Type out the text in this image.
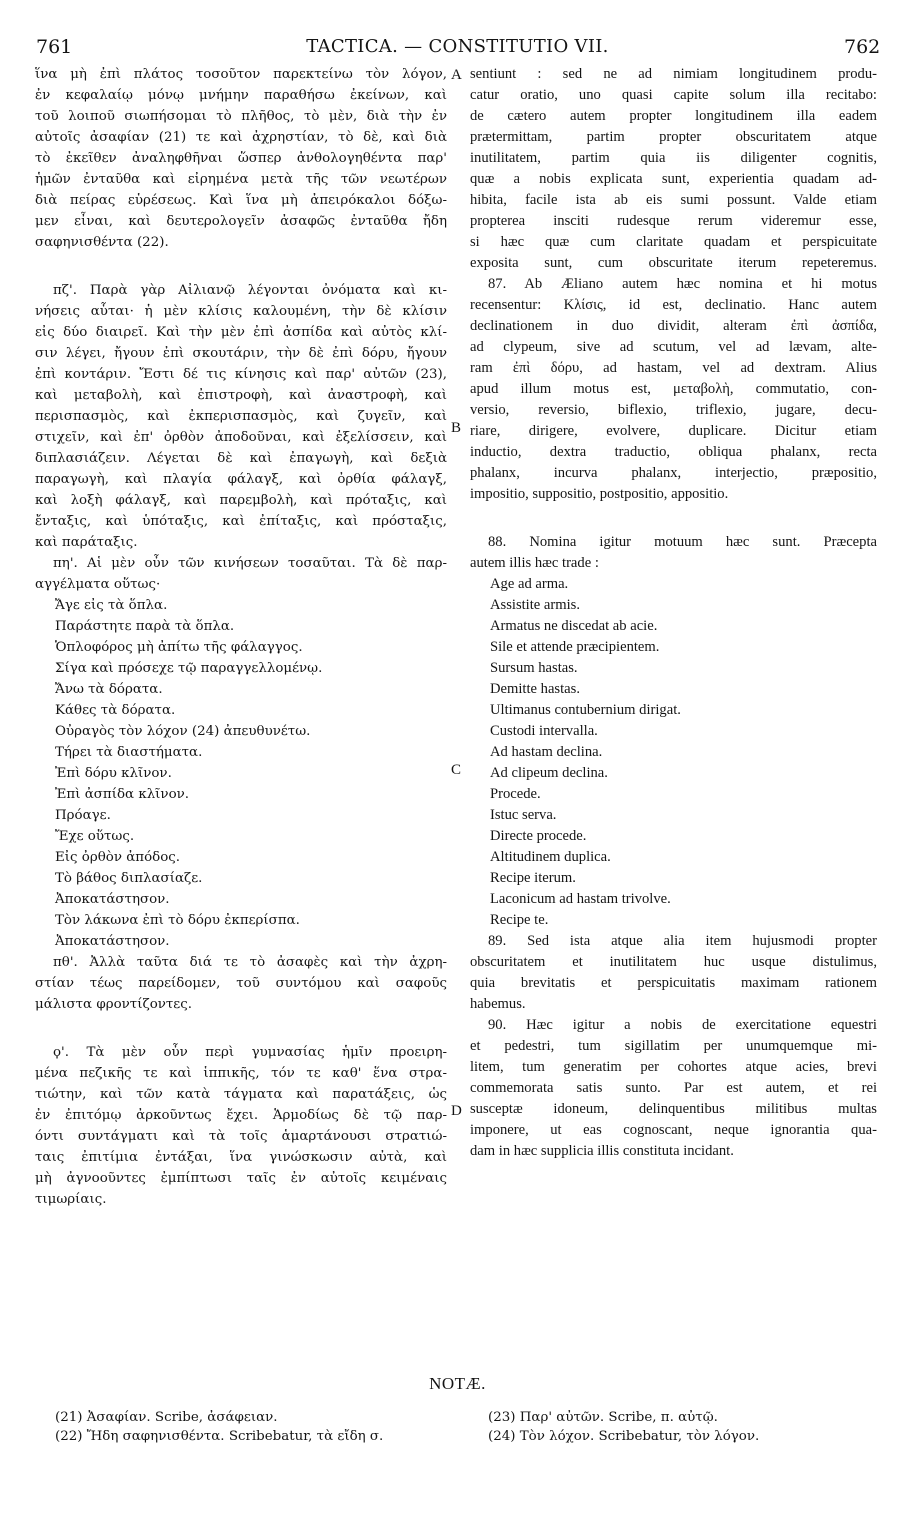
761	TACTICA. — CONSTITUTIO VII.	762
ἵνα μὴ ἐπὶ πλάτος τοσοῦτον παρεκτείνω τὸν λόγον,
ἐν κεφαλαίῳ μόνῳ μνήμην παραθήσω ἐκείνων, καὶ
τοῦ λοιποῦ σιωπήσομαι τὸ πλῆθος, τὸ μὲν, διὰ τὴν ἐν
αὐτοῖς ἀσαφίαν (21) τε καὶ ἀχρηστίαν, τὸ δὲ, καὶ διὰ
τὸ ἐκεῖθεν ἀναληφθῆναι ὥσπερ ἀνθολογηθέντα παρ'
ἡμῶν ἐνταῦθα καὶ εἰρημένα μετὰ τῆς τῶν νεωτέρων
διὰ πείρας εὑρέσεως. Καὶ ἵνα μὴ ἀπειρόκαλοι δόξω-
μεν εἶναι, καὶ δευτερολογεῖν ἀσαφῶς ἐνταῦθα ἤδη
σαφηνισθέντα (22).
πζ'. Παρὰ γὰρ Αἰλιανῷ λέγονται ὀνόματα καὶ κι-
νήσεις αὗται· ἡ μὲν κλίσις καλουμένη, τὴν δὲ κλίσιν
εἰς δύο διαιρεῖ. Καὶ τὴν μὲν ἐπὶ ἀσπίδα καὶ αὐτὸς κλί-
σιν λέγει, ἤγουν ἐπὶ σκουτάριν, τὴν δὲ ἐπὶ δόρυ, ἤγουν
ἐπὶ κοντάριν. Ἔστι δέ τις κίνησις καὶ παρ' αὐτῶν (23),
καὶ μεταβολὴ, καὶ ἐπιστροφὴ, καὶ ἀναστροφὴ, καὶ
περισπασμὸς, καὶ ἐκπερισπασμὸς, καὶ ζυγεῖν, καὶ
στιχεῖν, καὶ ἐπ' ὀρθὸν ἀποδοῦναι, καὶ ἐξελίσσειν, καὶ
διπλασιάζειν. Λέγεται δὲ καὶ ἐπαγωγὴ, καὶ δεξιὰ
παραγωγὴ, καὶ πλαγία φάλαγξ, καὶ ὀρθία φάλαγξ,
καὶ λοξὴ φάλαγξ, καὶ παρεμβολὴ, καὶ πρόταξις, καὶ
ἔνταξις, καὶ ὑπόταξις, καὶ ἐπίταξις, καὶ πρόσταξις,
καὶ παράταξις.
πη'. Αἱ μὲν οὖν τῶν κινήσεων τοσαῦται. Τὰ δὲ παρ-
αγγέλματα οὕτως·
Ἄγε εἰς τὰ ὅπλα.
Παράστητε παρὰ τὰ ὅπλα.
Ὁπλοφόρος μὴ ἀπίτω τῆς φάλαγγος.
Σίγα καὶ πρόσεχε τῷ παραγγελλομένῳ.
Ἄνω τὰ δόρατα.
Κάθες τὰ δόρατα.
Οὐραγὸς τὸν λόχον (24) ἀπευθυνέτω.
Τήρει τὰ διαστήματα.
Ἐπὶ δόρυ κλῖνον.
Ἐπὶ ἀσπίδα κλῖνον.
Πρόαγε.
Ἔχε οὕτως.
Εἰς ὀρθὸν ἀπόδος.
Τὸ βάθος διπλασίαζε.
Ἀποκατάστησον.
Τὸν λάκωνα ἐπὶ τὸ δόρυ ἐκπερίσπα.
Ἀποκατάστησον.
πθ'. Ἀλλὰ ταῦτα διά τε τὸ ἀσαφὲς καὶ τὴν ἀχρη-
στίαν τέως παρείδομεν, τοῦ συντόμου καὶ σαφοῦς
μάλιστα φροντίζοντες.
ϙ'. Τὰ μὲν οὖν περὶ γυμνασίας ἡμῖν προειρη-
μένα πεζικῆς τε καὶ ἱππικῆς, τόν τε καθ' ἕνα στρα-
τιώτην, καὶ τῶν κατὰ τάγματα καὶ παρατάξεις, ὡς
ἐν ἐπιτόμῳ ἀρκοῦντως ἔχει. Ἁρμοδίως δὲ τῷ παρ-
όντι συντάγματι καὶ τὰ τοῖς ἁμαρτάνουσι στρατιώ-
ταις ἐπιτίμια ἐντάξαι, ἵνα γινώσκωσιν αὐτὰ, καὶ
μὴ ἀγνοοῦντες ἐμπίπτωσι ταῖς ἐν αὐτοῖς κειμέναις
τιμωρίαις.
sentiunt : sed ne ad nimiam longitudinem produ-
catur oratio, uno quasi capite solum illa recitabo:
de cætero autem propter longitudinem illa eadem
prætermittam, partim propter obscuritatem atque
inutilitatem, partim quia iis diligenter cognitis,
quæ a nobis explicata sunt, experientia quadam ad-
hibita, facile ista ab eis sumi possunt. Valde etiam
propterea insciti rudesque rerum videremur esse,
si hæc quæ cum claritate quadam et perspicuitate
exposita sunt, cum obscuritate iterum repeteremus.
87. Ab Æliano autem hæc nomina et hi motus
recensentur: Κλίσις, id est, declinatio. Hanc autem
declinationem in duo dividit, alteram ἐπὶ ἀσπίδα,
ad clypeum, sive ad scutum, vel ad lævam, alte-
ram ἐπὶ δόρυ, ad hastam, vel ad dextram. Alius
apud illum motus est, μεταβολὴ, commutatio, con-
versio, reversio, biflexio, triflexio, jugare, decu-
riare, dirigere, evolvere, duplicare. Dicitur etiam
inductio, dextra traductio, obliqua phalanx, recta
phalanx, incurva phalanx, interjectio, præpositio,
impositio, suppositio, postpositio, appositio.
88. Nomina igitur motuum hæc sunt. Præcepta
autem illis hæc trade :
Age ad arma.
Assistite armis.
Armatus ne discedat ab acie.
Sile et attende præcipientem.
Sursum hastas.
Demitte hastas.
Ultimanus contubernium dirigat.
Custodi intervalla.
Ad hastam declina.
Ad clipeum declina.
Procede.
Istuc serva.
Directe procede.
Altitudinem duplica.
Recipe iterum.
Laconicum ad hastam trivolve.
Recipe te.
89. Sed ista atque alia item hujusmodi propter
obscuritatem et inutilitatem huc usque distulimus,
quia brevitatis et perspicuitatis maximam rationem
habemus.
90. Hæc igitur a nobis de exercitatione equestri
et pedestri, tum sigillatim per unumquemque mi-
litem, tum generatim per cohortes atque acies, brevi
commemorata satis sunto. Par est autem, et rei
susceptæ idoneum, delinquentibus militibus multas
imponere, ut eas cognoscant, neque ignorantia qua-
dam in hæc supplicia illis constituta incidant.
A
B
C
D
NOTÆ.
(21) Ἀσαφίαν. Scribe, ἀσάφειαν.
(22) Ἤδη σαφηνισθέντα. Scribebatur, τὰ εἴδη σ.
(23) Παρ' αὐτῶν. Scribe, π. αὐτῷ.
(24) Τὸν λόχον. Scribebatur, τὸν λόγον.
